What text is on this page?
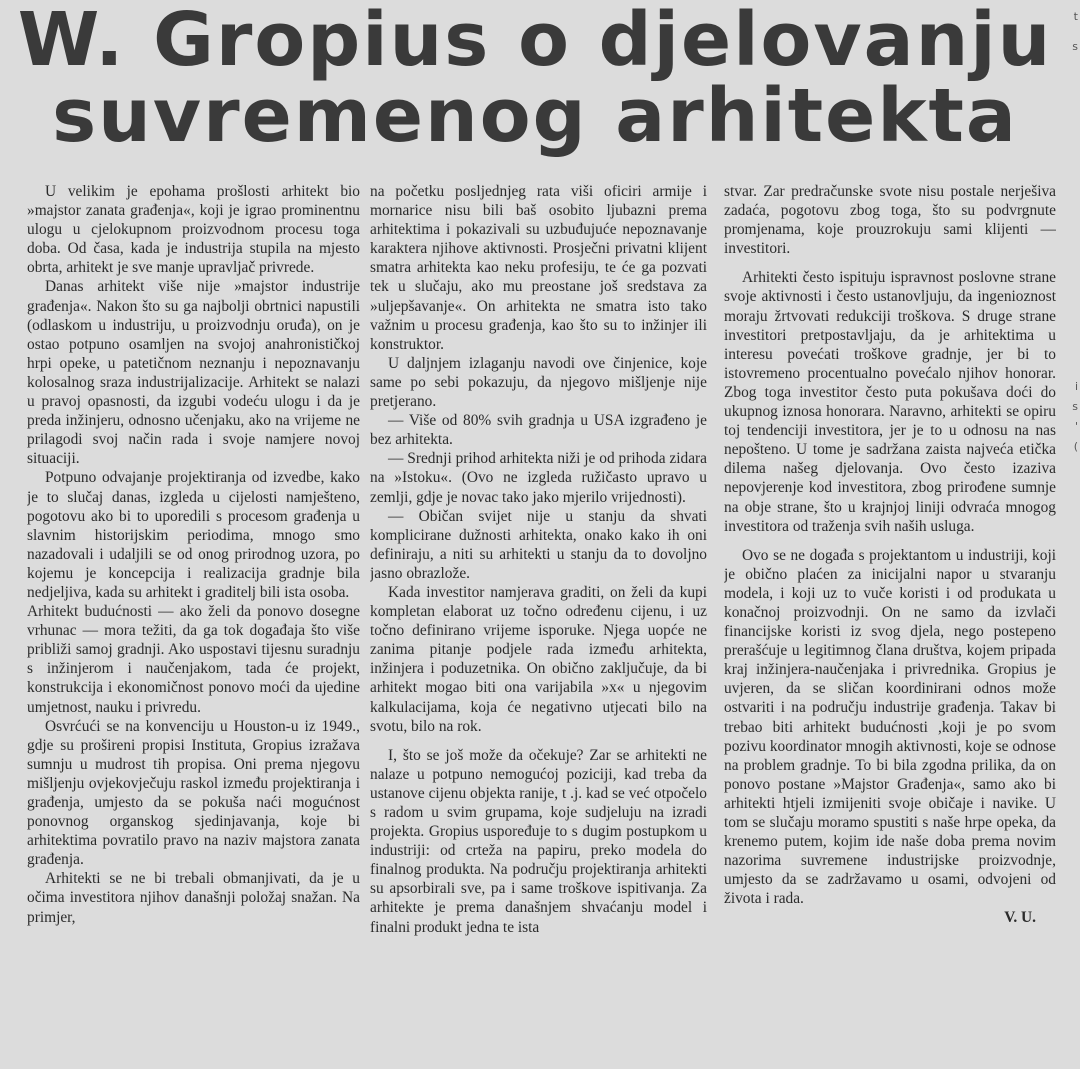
W. Gropius o djelovanju
suvremenog arhitekta

U velikim je epohama prošlosti arhitekt bio »majstor zanata građenja«, koji je igrao prominentnu ulogu u cjelokupnom proizvodnom procesu toga doba. Od časa, kada je industrija stupila na mjesto obrta, arhitekt je sve manje upravljač privrede.

Danas arhitekt više nije »majstor industrije građenja«. Nakon što su ga najbolji obrtnici napustili (odlaskom u industriju, u proizvodnju oruđa), on je ostao potpuno osamljen na svojoj anahronističkoj hrpi opeke, u patetičnom neznanju i nepoznavanju kolosalnog sraza industrijalizacije. Arhitekt se nalazi u pravoj opasnosti, da izgubi vodeću ulogu i da je preda inžinjeru, odnosno učenjaku, ako na vrijeme ne prilagodi svoj način rada i svoje namjere novoj situaciji.

Potpuno odvajanje projektiranja od izvedbe, kako je to slučaj danas, izgleda u cijelosti namješteno, pogotovu ako bi to uporedili s procesom građenja u slavnim historijskim periodima, mnogo smo nazadovali i udaljili se od onog prirodnog uzora, po kojemu je koncepcija i realizacija gradnje bila nedjeljiva, kada su arhitekt i graditelj bili ista osoba.

Arhitekt budućnosti — ako želi da ponovo dosegne vrhunac — mora težiti, da ga tok događaja što više približi samoj gradnji. Ako uspostavi tijesnu suradnju s inžinjerom i naučenjakom, tada će projekt, konstrukcija i ekonomičnost ponovo moći da ujedine umjetnost, nauku i privredu.

Osvrćući se na konvenciju u Houston-u iz 1949., gdje su prošireni propisi Instituta, Gropius izražava sumnju u mudrost tih propisa. Oni prema njegovu mišljenju ovjekovječuju raskol između projektiranja i građenja, umjesto da se pokuša naći mogućnost ponovnog organskog sjedinjavanja, koje bi arhitektima povratilo pravo na naziv majstora zanata građenja.

Arhitekti se ne bi trebali obmanjivati, da je u očima investitora njihov današnji položaj snažan. Na primjer,

na početku posljednjeg rata viši oficiri armije i mornarice nisu bili baš osobito ljubazni prema arhitektima i pokazivali su uzbuđujuće nepoznavanje karaktera njihove aktivnosti. Prosječni privatni klijent smatra arhitekta kao neku profesiju, te će ga pozvati tek u slučaju, ako mu preostane još sredstava za »uljepšavanje«. On arhitekta ne smatra isto tako važnim u procesu građenja, kao što su to inžinjer ili konstruktor.

U daljnjem izlaganju navodi ove činjenice, koje same po sebi pokazuju, da njegovo mišljenje nije pretjerano.

— Više od 80% svih gradnja u USA izgrađeno je bez arhitekta.

— Srednji prihod arhitekta niži je od prihoda zidara na »Istoku«. (Ovo ne izgleda ružičasto upravo u zemlji, gdje je novac tako jako mjerilo vrijednosti).

— Običan svijet nije u stanju da shvati komplicirane dužnosti arhitekta, onako kako ih oni definiraju, a niti su arhitekti u stanju da to dovoljno jasno obrazlože.

Kada investitor namjerava graditi, on želi da kupi kompletan elaborat uz točno određenu cijenu, i uz točno definirano vrijeme isporuke. Njega uopće ne zanima pitanje podjele rada između arhitekta, inžinjera i poduzetnika. On obično zaključuje, da bi arhitekt mogao biti ona varijabila »x« u njegovim kalkulacijama, koja će negativno utjecati bilo na svotu, bilo na rok.

I, što se još može da očekuje? Zar se arhitekti ne nalaze u potpuno nemogućoj poziciji, kad treba da ustanove cijenu objekta ranije, t .j. kad se već otpočelo s radom u svim grupama, koje sudjeluju na izradi projekta. Gropius uspoređuje to s dugim postupkom u industriji: od crteža na papiru, preko modela do finalnog produkta. Na području projektiranja arhitekti su apsorbirali sve, pa i same troškove ispitivanja. Za arhitekte je prema današnjem shvaćanju model i finalni produkt jedna te ista

stvar. Zar predračunske svote nisu postale nerješiva zadaća, pogotovu zbog toga, što su podvrgnute promjenama, koje prouzrokuju sami klijenti — investitori.

Arhitekti često ispituju ispravnost poslovne strane svoje aktivnosti i često ustanovljuju, da ingenioznost moraju žrtvovati redukciji troškova. S druge strane investitori pretpostavljaju, da je arhitektima u interesu povećati troškove gradnje, jer bi to istovremeno procentualno povećalo njihov honorar. Zbog toga investitor često puta pokušava doći do ukupnog iznosa honorara. Naravno, arhitekti se opiru toj tendenciji investitora, jer je to u odnosu na nas nepošteno. U tome je sadržana zaista najveća etička dilema našeg djelovanja. Ovo često izaziva nepovjerenje kod investitora, zbog prirođene sumnje na obje strane, što u krajnjoj liniji odvraća mnogog investitora od traženja svih naših usluga.

Ovo se ne događa s projektantom u industriji, koji je obično plaćen za inicijalni napor u stvaranju modela, i koji uz to vuče koristi i od produkata u konačnoj proizvodnji. On ne samo da izvlači financijske koristi iz svog djela, nego postepeno prerašćuje u legitimnog člana društva, kojem pripada kraj inžinjera-naučenjaka i privrednika. Gropius je uvjeren, da se sličan koordinirani odnos može ostvariti i na području industrije građenja. Takav bi trebao biti arhitekt budućnosti ,koji je po svom pozivu koordinator mnogih aktivnosti, koje se odnose na problem gradnje. To bi bila zgodna prilika, da on ponovo postane »Majstor Građenja«, samo ako bi arhitekti htjeli izmijeniti svoje običaje i navike. U tom se slučaju moramo spustiti s naše hrpe opeka, da krenemo putem, kojim ide naše doba prema novim nazorima suvremene industrijske proizvodnje, umjesto da se zadržavamo u osami, odvojeni od života i rada.

V. U.

t
s
i
s
'
(
